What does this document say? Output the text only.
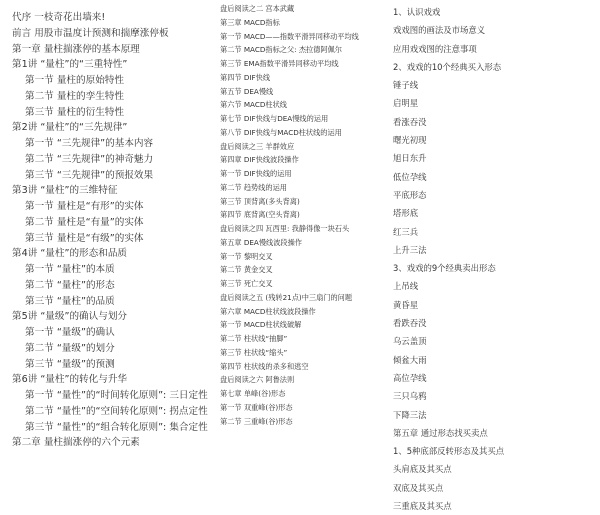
代序 一枝奇花出墙来!
前言 用股市温度计预测和揣摩涨停板
第一章 量柱揣涨停的基本原理
第1讲 “量柱”的“三重特性”
第一节 量柱的原始特性
第二节 量柱的孪生特性
第三节 量柱的衍生特性
第2讲 “量柱”的“三先规律”
第一节 “三先规律”的基本内容
第二节 “三先规律”的神奇魅力
第三节 “三先规律”的预报效果
第3讲 “量柱”的三维特征
第一节 量柱是“有形”的实体
第二节 量柱是“有量”的实体
第三节 量柱是“有级”的实体
第4讲 “量柱”的形态和品质
第一节 “量柱”的本质
第二节 “量柱”的形态
第三节 “量柱”的品质
第5讲 “量级”的确认与划分
第一节 “量级”的确认
第二节 “量级”的划分
第三节 “量级”的预测
第6讲 “量柱”的转化与升华
第一节 “量性”的“时间转化原则”: 三日定性
第二节 “量性”的“空间转化原则”: 拐点定性
第三节 “量性”的“组合转化原则”: 集合定性
第二章 量柱揣涨停的六个元素
盘后阅读之二 宫本武藏
第三章 MACD指标
第一节 MACD——指数平滑异同移动平均线
第二节 MACD指标之父: 杰拉德阿佩尔
第三节 EMA指数平滑异同移动平均线
第四节 DIF快线
第五节 DEA慢线
第六节 MACD柱状线
第七节 DIF快线与DEA慢线的运用
第八节 DIF快线与MACD柱状线的运用
盘后阅读之三 羊群效应
第四章 DIF快线波段操作
第一节 DIF快线的运用
第二节 趋势线的运用
第三节 顶背离(多头背离)
第四节 底背离(空头背离)
盘后阅读之四 瓦西里: 我静得像一块石头
第五章 DEA慢线波段操作
第一节 黎明交叉
第二节 黄金交叉
第三节 死亡交叉
盘后阅读之五 (残转21点)中三扇门的问题
第六章 MACD柱状线波段操作
第一节 MACD柱状线破解
第二节 柱状线“抽脚”
第三节 柱状线“缩头”
第四节 柱状线的杀多和逃空
盘后阅读之六 阿鲁法则
第七章 单峰(谷)形态
第一节 双重峰(谷)形态
第二节 三重峰(谷)形态
1、认识戏戏
戏戏图的画法及市场意义
应用戏戏图的注意事项
2、戏戏的10个经典买入形态
锤子线
启明星
看涨吞没
曙光初现
旭日东升
低位孕线
平底形态
塔形底
红三兵
上升三法
3、戏戏的9个经典卖出形态
上吊线
黄昏星
看跌吞没
乌云盖顶
倾盆大雨
高位孕线
三只乌鸦
下降三法
第五章 通过形态找买卖点
1、5种底部反转形态及其买点
头肩底及其买点
双底及其买点
三重底及其买点
